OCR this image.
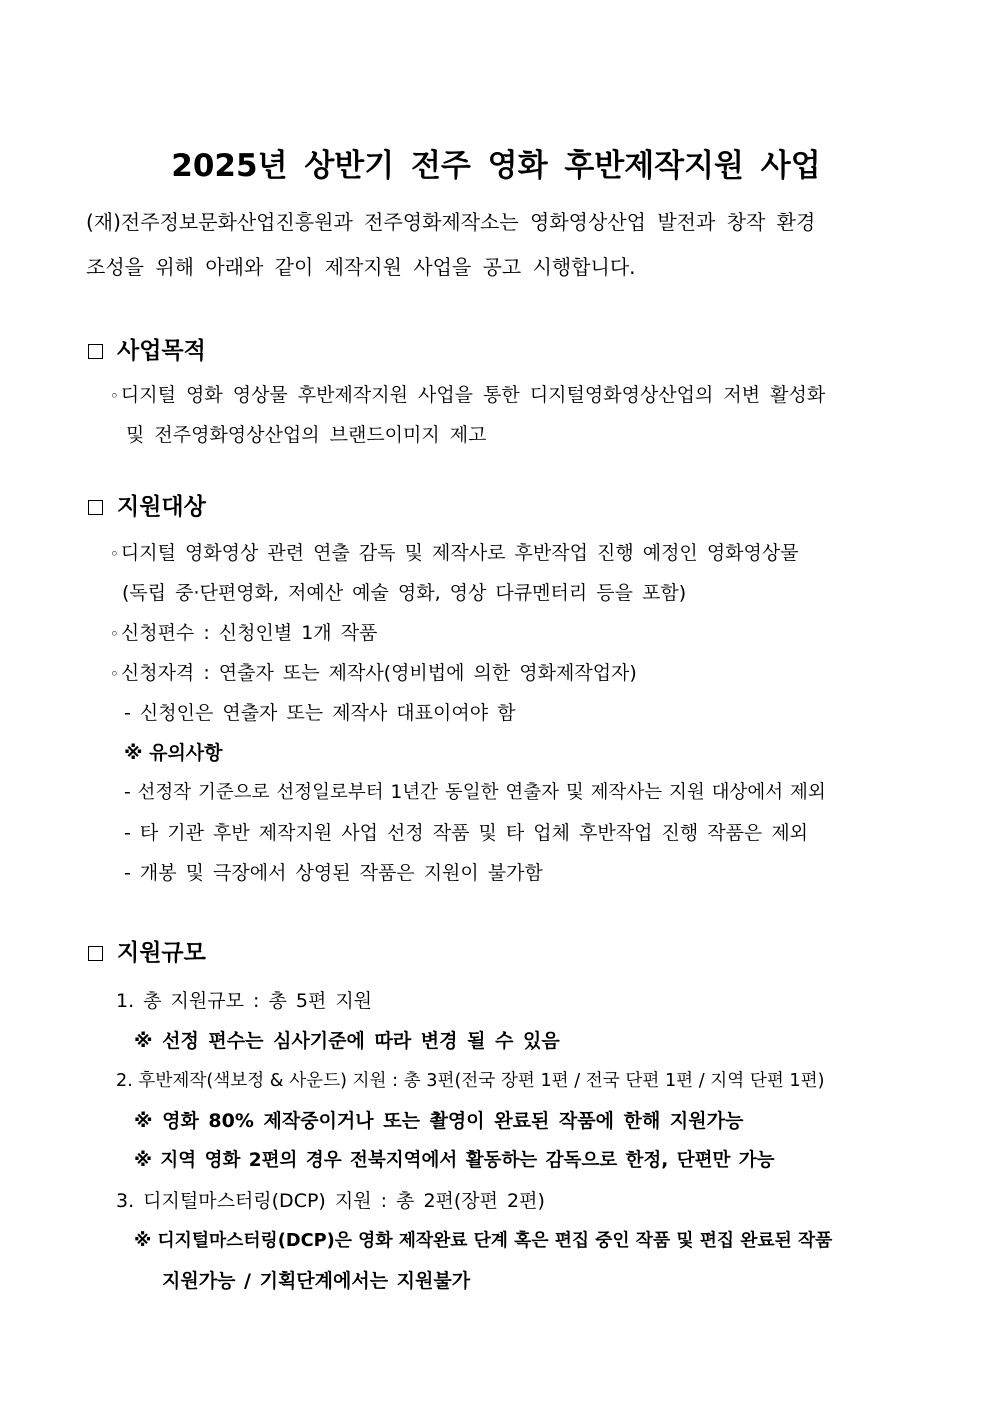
2025년 상반기 전주 영화 후반제작지원 사업
(재)전주정보문화산업진흥원과 전주영화제작소는 영화영상산업 발전과 창작 환경
조성을 위해 아래와 같이 제작지원 사업을 공고 시행합니다.
사업목적
◦ 디지털 영화 영상물 후반제작지원 사업을 통한 디지털영화영상산업의 저변 활성화
및 전주영화영상산업의 브랜드이미지 제고
지원대상
◦ 디지털 영화영상 관련 연출 감독 및 제작사로 후반작업 진행 예정인 영화영상물
(독립 중·단편영화, 저예산 예술 영화, 영상 다큐멘터리 등을 포함)
◦ 신청편수 : 신청인별 1개 작품
◦ 신청자격 : 연출자 또는 제작사(영비법에 의한 영화제작업자)
- 신청인은 연출자 또는 제작사 대표이여야 함
※ 유의사항
- 선정작 기준으로 선정일로부터 1년간 동일한 연출자 및 제작사는 지원 대상에서 제외
- 타 기관 후반 제작지원 사업 선정 작품 및 타 업체 후반작업 진행 작품은 제외
- 개봉 및 극장에서 상영된 작품은 지원이 불가함
지원규모
1. 총 지원규모 : 총 5편 지원
※ 선정 편수는 심사기준에 따라 변경 될 수 있음
2. 후반제작(색보정 & 사운드) 지원 : 총 3편(전국 장편 1편 / 전국 단편 1편 / 지역 단편 1편)
※ 영화 80% 제작중이거나 또는 촬영이 완료된 작품에 한해 지원가능
※ 지역 영화 2편의 경우 전북지역에서 활동하는 감독으로 한정, 단편만 가능
3. 디지털마스터링(DCP) 지원 : 총 2편(장편 2편)
※ 디지털마스터링(DCP)은 영화 제작완료 단계 혹은 편집 중인 작품 및 편집 완료된 작품
지원가능 / 기획단계에서는 지원불가
